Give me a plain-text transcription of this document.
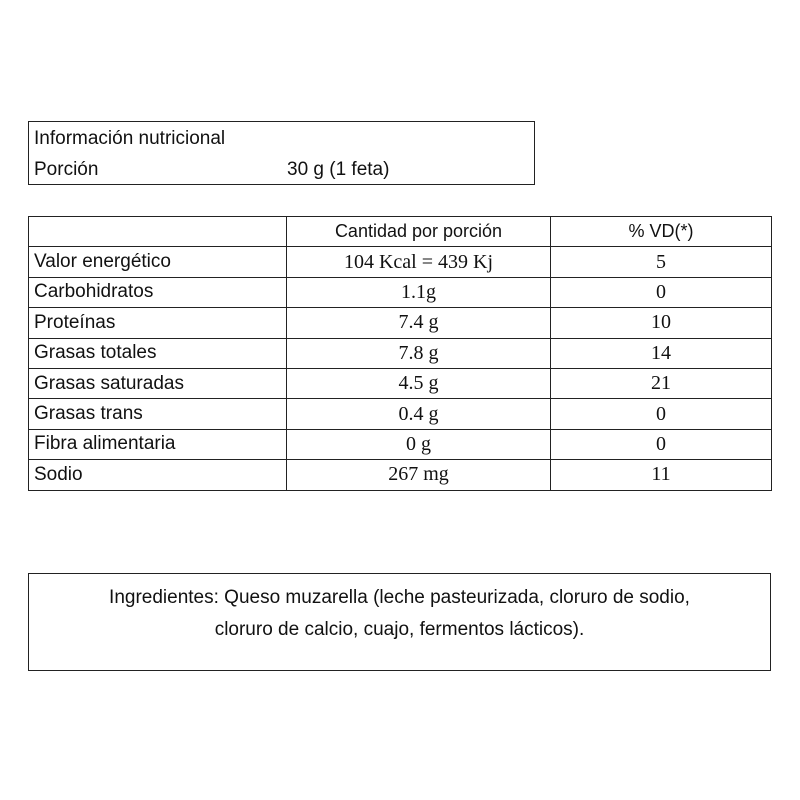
Información nutricional
Porción	30 g (1 feta)
	Cantidad por porción	% VD(*)
Valor energético	104 Kcal = 439 Kj	5
Carbohidratos	1.1g	0
Proteínas	7.4 g	10
Grasas totales	7.8 g	14
Grasas saturadas	4.5 g	21
Grasas trans	0.4 g	0
Fibra alimentaria	0 g	0
Sodio	267 mg	11
Ingredientes: Queso muzarella (leche pasteurizada, cloruro de sodio,
cloruro de calcio, cuajo, fermentos lácticos).
